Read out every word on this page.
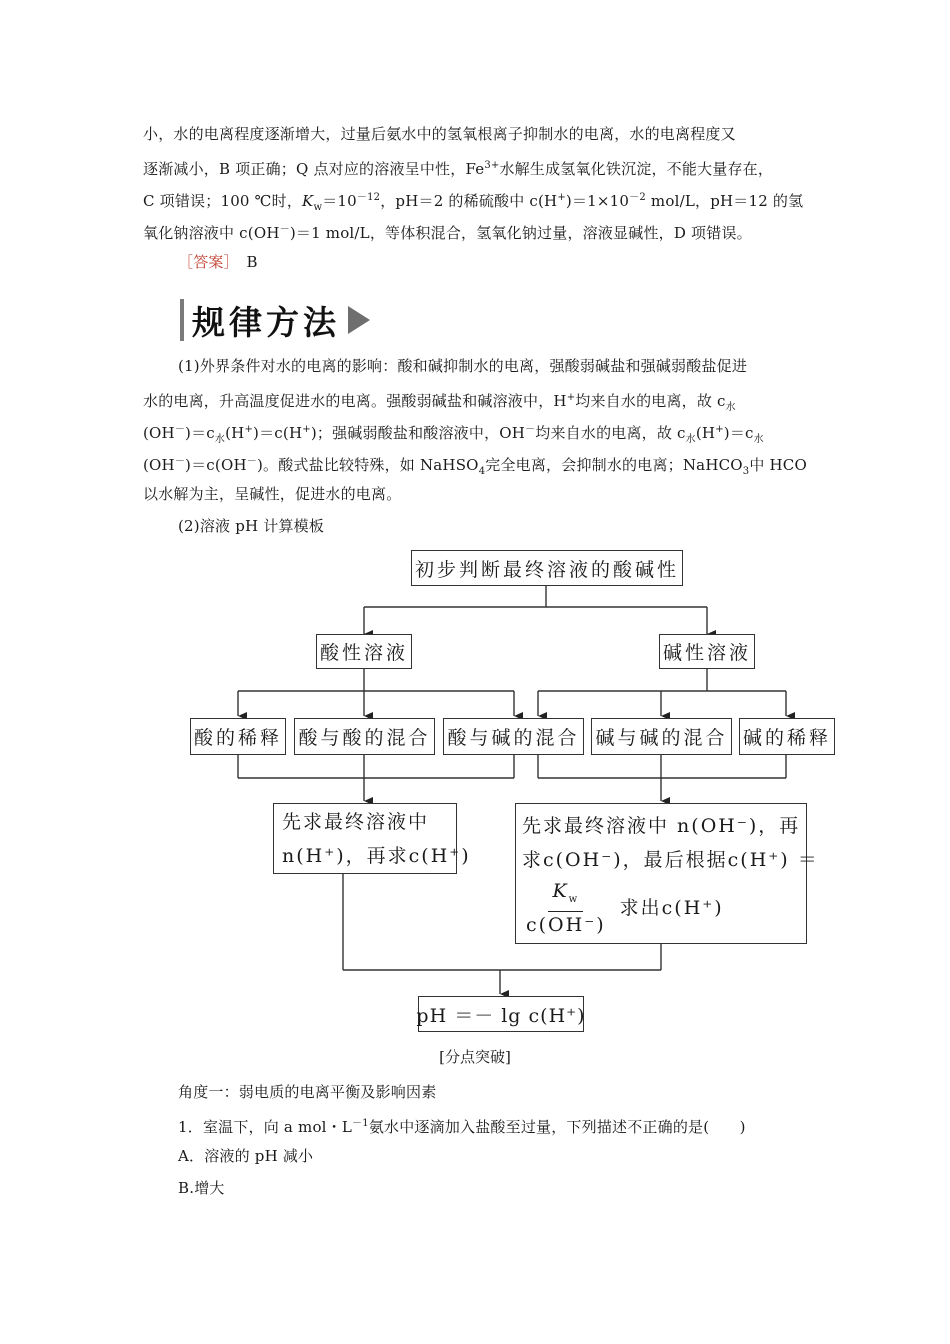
小，水的电离程度逐渐增大，过量后氨水中的氢氧根离子抑制水的电离，水的电离程度又
逐渐减小，B 项正确；Q 点对应的溶液呈中性，$Fe^{3+}$水解生成氢氧化铁沉淀，不能大量存在，
C 项错误；100 ℃时，$K_w=10^{-12}$，pH＝2 的稀硫酸中 $c(H^+)=1\times 10^{-2}$ mol/L，pH＝12 的氢
氧化钠溶液中 c(OH－)＝1 mol/L，等体积混合，氢氧化钠过量，溶液显碱性，D 项错误。
［答案］　 B
规律方法
(1)外界条件对水的电离的影响：酸和碱抑制水的电离，强酸弱碱盐和强碱弱酸盐促进
水的电离，升高温度促进水的电离。强酸弱碱盐和碱溶液中，H+均来自水的电离，故 $c_水$
$(OH^-)=c_水(H^+)=c(H^+)$；强碱弱酸盐和酸溶液中，OH－均来自水的电离，故 $c_水(H^+)=c_水$
(OH－)＝c(OH－)。酸式盐比较特殊，如 NaHSO$_4$完全电离，会抑制水的电离；NaHCO$_3$中 HCO
以水解为主，呈碱性，促进水的电离。
(2)溶液 pH 计算模板
初步判断最终溶液的酸碱性
酸性溶液	碱性溶液
酸的稀释 酸与酸的混合 酸与碱的混合 碱与碱的混合 碱的稀释
先求最终溶液中
n(H⁺)，再求c(H⁺)
先求最终溶液中 n(OH⁻)，再
求c(OH⁻)，最后根据c(H⁺) ＝
$\frac{K_w}{c(OH^-)}$ 求出c(H⁺)
pH ＝－ lg c(H⁺)
[分点突破]
角度一：弱电质的电离平衡及影响因素
1．室温下，向 a mol・$L^{-1}$氨水中逐滴加入盐酸至过量，下列描述不正确的是(　　)
A．溶液的 pH 减小
B.增大
